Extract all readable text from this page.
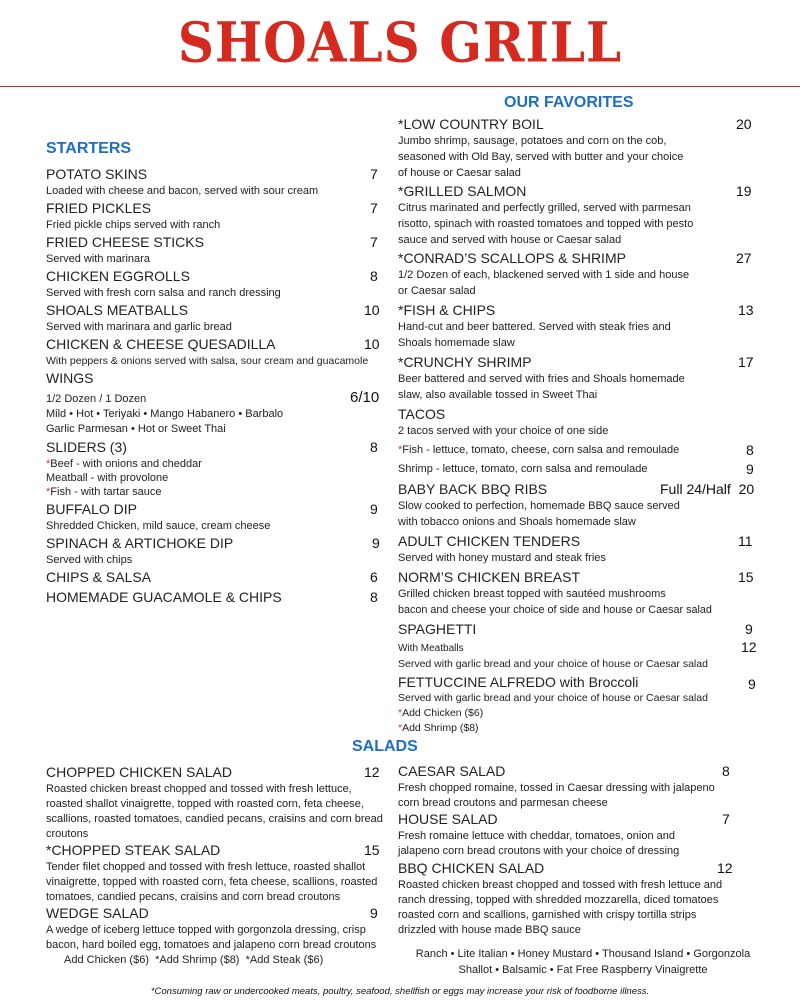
SHOALS GRILL
STARTERS
POTATO SKINS	7
Loaded with cheese and bacon, served with sour cream
FRIED PICKLES	7
Fried pickle chips served with ranch
FRIED CHEESE STICKS	7
Served with marinara
CHICKEN EGGROLLS	8
Served with fresh corn salsa and ranch dressing
SHOALS MEATBALLS	10
Served with marinara and garlic bread
CHICKEN & CHEESE QUESADILLA	10
With peppers & onions served with salsa, sour cream and guacamole
WINGS
6/10
1/2 Dozen / 1 Dozen
Mild • Hot • Teriyaki • Mango Habanero • Barbalo
Garlic Parmesan • Hot or Sweet Thai
SLIDERS (3)	8
*Beef - with onions and cheddar
Meatball - with provolone
*Fish - with tartar sauce
BUFFALO DIP	9
Shredded Chicken, mild sauce, cream cheese
SPINACH & ARTICHOKE DIP	9
Served with chips
CHIPS & SALSA	6
HOMEMADE GUACAMOLE & CHIPS	8
OUR FAVORITES
*LOW COUNTRY BOIL	20
Jumbo shrimp, sausage, potatoes and corn on the cob,
seasoned with Old Bay, served with butter and your choice
of house or Caesar salad
*GRILLED SALMON	19
Citrus marinated and perfectly grilled, served with parmesan
risotto, spinach with roasted tomatoes and topped with pesto
sauce and served with house or Caesar salad
*CONRAD’S SCALLOPS & SHRIMP	27
1/2 Dozen of each, blackened served with 1 side and house
or Caesar salad
*FISH & CHIPS	13
Hand-cut and beer battered. Served with steak fries and
Shoals homemade slaw
*CRUNCHY SHRIMP	17
Beer battered and served with fries and Shoals homemade
slaw, also available tossed in Sweet Thai
TACOS
2 tacos served with your choice of one side
*Fish - lettuce, tomato, cheese, corn salsa and remoulade	8
Shrimp - lettuce, tomato, corn salsa and remoulade	9
BABY BACK BBQ RIBS	Full 24/Half  20
Slow cooked to perfection, homemade BBQ sauce served
with tobacco onions and Shoals homemade slaw
ADULT CHICKEN TENDERS	11
Served with honey mustard and steak fries
NORM’S CHICKEN BREAST	15
Grilled chicken breast topped with sautéed mushrooms
bacon and cheese your choice of side and house or Caesar salad
SPAGHETTI	9
With Meatballs	12
Served with garlic bread and your choice of house or Caesar salad
FETTUCCINE ALFREDO with Broccoli	9
Served with garlic bread and your choice of house or Caesar salad
*Add Chicken ($6)
*Add Shrimp ($8)
SALADS
CHOPPED CHICKEN SALAD	12
Roasted chicken breast chopped and tossed with fresh lettuce,
roasted shallot vinaigrette, topped with roasted corn, feta cheese,
scallions, roasted tomatoes, candied pecans, craisins and corn bread
croutons
*CHOPPED STEAK SALAD	15
Tender filet chopped and tossed with fresh lettuce, roasted shallot
vinaigrette, topped with roasted corn, feta cheese, scallions, roasted
tomatoes, candied pecans, craisins and corn bread croutons
WEDGE SALAD	9
A wedge of iceberg lettuce topped with gorgonzola dressing, crisp
bacon, hard boiled egg, tomatoes and jalapeno corn bread croutons
Add Chicken ($6)  *Add Shrimp ($8)  *Add Steak ($6)
CAESAR SALAD	8
Fresh chopped romaine, tossed in Caesar dressing with jalapeno
corn bread croutons and parmesan cheese
HOUSE SALAD	7
Fresh romaine lettuce with cheddar, tomatoes, onion and
jalapeno corn bread croutons with your choice of dressing
BBQ CHICKEN SALAD	12
Roasted chicken breast chopped and tossed with fresh lettuce and
ranch dressing, topped with shredded mozzarella, diced tomatoes
roasted corn and scallions, garnished with crispy tortilla strips
drizzled with house made BBQ sauce
Ranch • Lite Italian • Honey Mustard • Thousand Island • Gorgonzola
Shallot • Balsamic • Fat Free Raspberry Vinaigrette
*Consuming raw or undercooked meats, poultry, seafood, shellfish or eggs may increase your risk of foodborne illness.
